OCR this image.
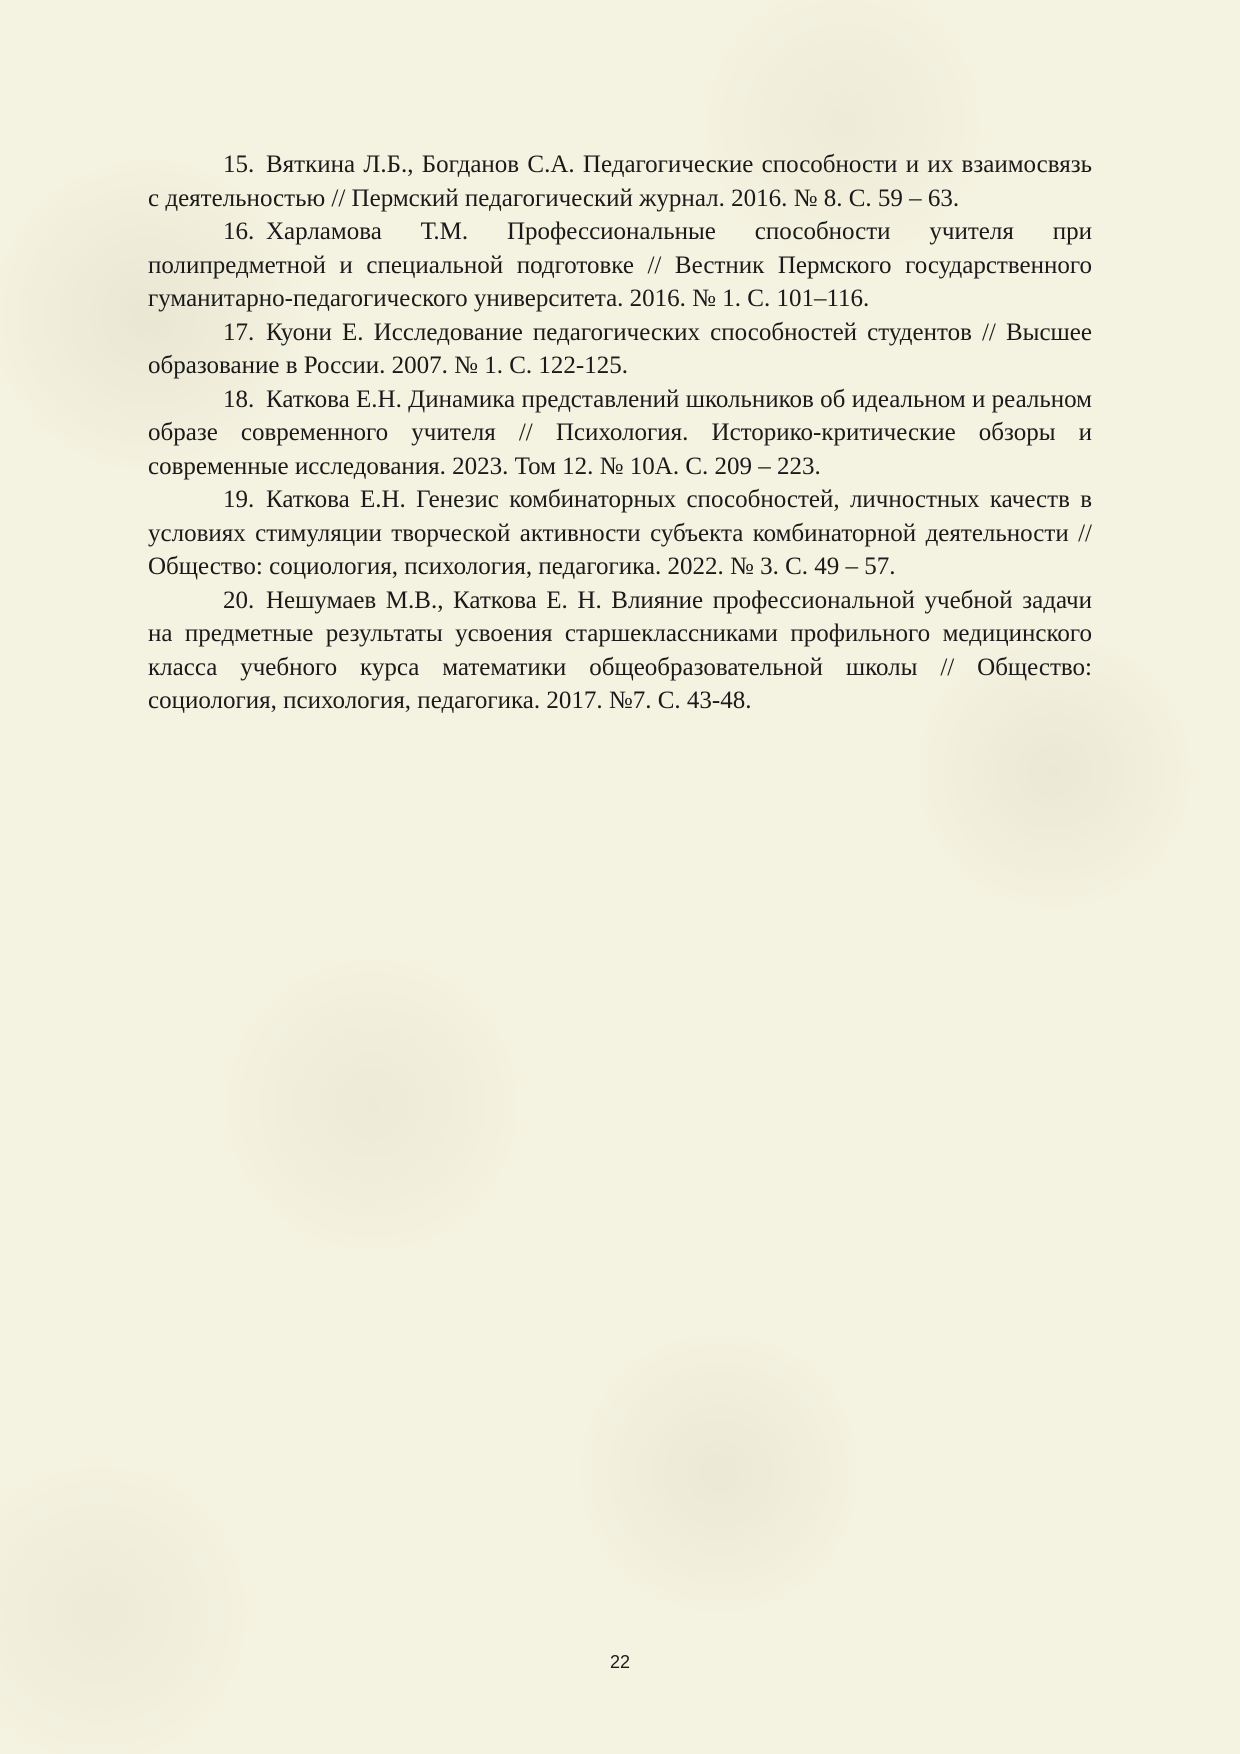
15. Вяткина Л.Б., Богданов С.А. Педагогические способности и их взаимосвязь с деятельностью // Пермский педагогический журнал. 2016. № 8. С. 59 – 63.

16. Харламова Т.М. Профессиональные способности учителя при полипредметной и специальной подготовке // Вестник Пермского государственного гуманитарно-педагогического университета. 2016. № 1. С. 101–116.

17. Куони Е. Исследование педагогических способностей студентов // Высшее образование в России. 2007. № 1. С. 122-125.

18. Каткова Е.Н. Динамика представлений школьников об идеальном и реальном образе современного учителя // Психология. Историко-критические обзоры и современные исследования. 2023. Том 12. № 10А. С. 209 – 223.

19. Каткова Е.Н. Генезис комбинаторных способностей, личностных качеств в условиях стимуляции творческой активности субъекта комбинаторной деятельности // Общество: социология, психология, педагогика. 2022. № 3. С. 49 – 57.

20. Нешумаев М.В., Каткова Е. Н. Влияние профессиональной учебной задачи на предметные результаты усвоения старшеклассниками профильного медицинского класса учебного курса математики общеобразовательной школы // Общество: социология, психология, педагогика. 2017. №7. С. 43-48.

22
